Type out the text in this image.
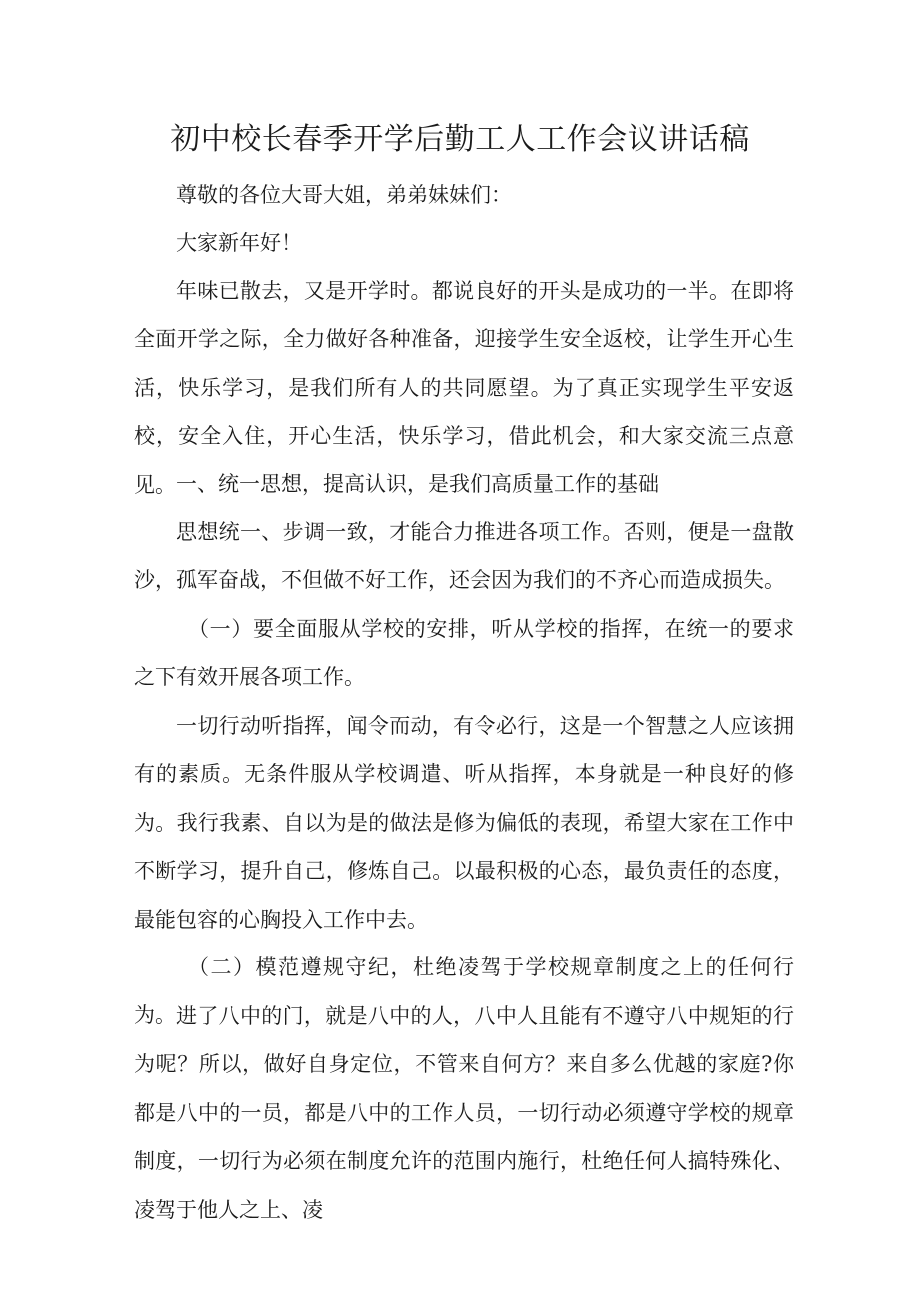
初中校长春季开学后勤工人工作会议讲话稿

尊敬的各位大哥大姐，弟弟妹妹们：

大家新年好！

年味已散去，又是开学时。都说良好的开头是成功的一半。在即将全面开学之际，全力做好各种准备，迎接学生安全返校，让学生开心生活，快乐学习，是我们所有人的共同愿望。为了真正实现学生平安返校，安全入住，开心生活，快乐学习，借此机会，和大家交流三点意见。 一、统一思想，提高认识，是我们高质量工作的基础

思想统一、步调一致，才能合力推进各项工作。否则，便是一盘散沙，孤军奋战，不但做不好工作，还会因为我们的不齐心而造成损失。

（一）要全面服从学校的安排，听从学校的指挥，在统一的要求之下有效开展各项工作。

一切行动听指挥，闻令而动，有令必行，这是一个智慧之人应该拥有的素质。无条件服从学校调遣、听从指挥，本身就是一种良好的修为。我行我素、自以为是的做法是修为偏低的表现，希望大家在工作中不断学习，提升自己，修炼自己。以最积极的心态，最负责任的态度，最能包容的心胸投入工作中去。

（二）模范遵规守纪，杜绝凌驾于学校规章制度之上的任何行为。 进了八中的门，就是八中的人，八中人且能有不遵守八中规矩的行为呢？所以，做好自身定位，不管来自何方？来自多么优越的家庭?你都是八中的一员，都是八中的工作人员，一切行动必须遵守学校的规章制度，一切行为必须在制度允许的范围内施行，杜绝任何人搞特殊化、凌驾于他人之上、凌
